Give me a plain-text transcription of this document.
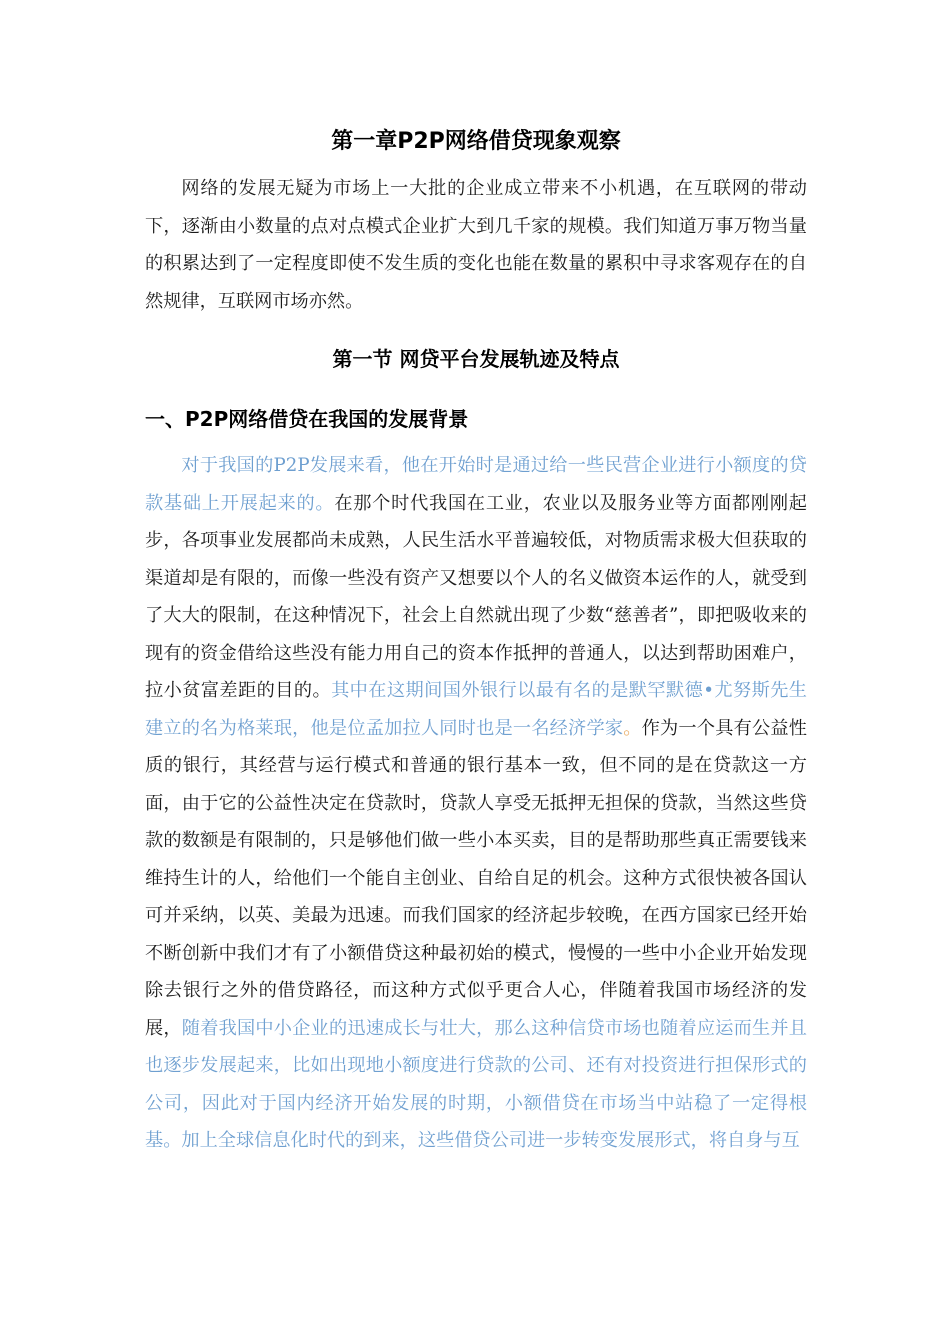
第一章P2P网络借贷现象观察

网络的发展无疑为市场上一大批的企业成立带来不小机遇，在互联网的带动下，逐渐由小数量的点对点模式企业扩大到几千家的规模。我们知道万事万物当量的积累达到了一定程度即使不发生质的变化也能在数量的累积中寻求客观存在的自然规律，互联网市场亦然。

第一节 网贷平台发展轨迹及特点
一、P2P网络借贷在我国的发展背景

对于我国的P2P发展来看，他在开始时是通过给一些民营企业进行小额度的贷款基础上开展起来的。在那个时代我国在工业，农业以及服务业等方面都刚刚起步，各项事业发展都尚未成熟，人民生活水平普遍较低，对物质需求极大但获取的渠道却是有限的，而像一些没有资产又想要以个人的名义做资本运作的人，就受到了大大的限制，在这种情况下，社会上自然就出现了少数“慈善者”，即把吸收来的现有的资金借给这些没有能力用自己的资本作抵押的普通人，以达到帮助困难户，拉小贫富差距的目的。其中在这期间国外银行以最有名的是默罕默德•尤努斯先生建立的名为格莱珉，他是位孟加拉人同时也是一名经济学家。作为一个具有公益性质的银行，其经营与运行模式和普通的银行基本一致，但不同的是在贷款这一方面，由于它的公益性决定在贷款时，贷款人享受无抵押无担保的贷款，当然这些贷款的数额是有限制的，只是够他们做一些小本买卖，目的是帮助那些真正需要钱来维持生计的人，给他们一个能自主创业、自给自足的机会。这种方式很快被各国认可并采纳，以英、美最为迅速。而我们国家的经济起步较晚，在西方国家已经开始不断创新中我们才有了小额借贷这种最初始的模式，慢慢的一些中小企业开始发现除去银行之外的借贷路径，而这种方式似乎更合人心，伴随着我国市场经济的发展，随着我国中小企业的迅速成长与壮大，那么这种信贷市场也随着应运而生并且也逐步发展起来，比如出现地小额度进行贷款的公司、还有对投资进行担保形式的公司，因此对于国内经济开始发展的时期，小额借贷在市场当中站稳了一定得根基。加上全球信息化时代的到来，这些借贷公司进一步转变发展形式，将自身与互
